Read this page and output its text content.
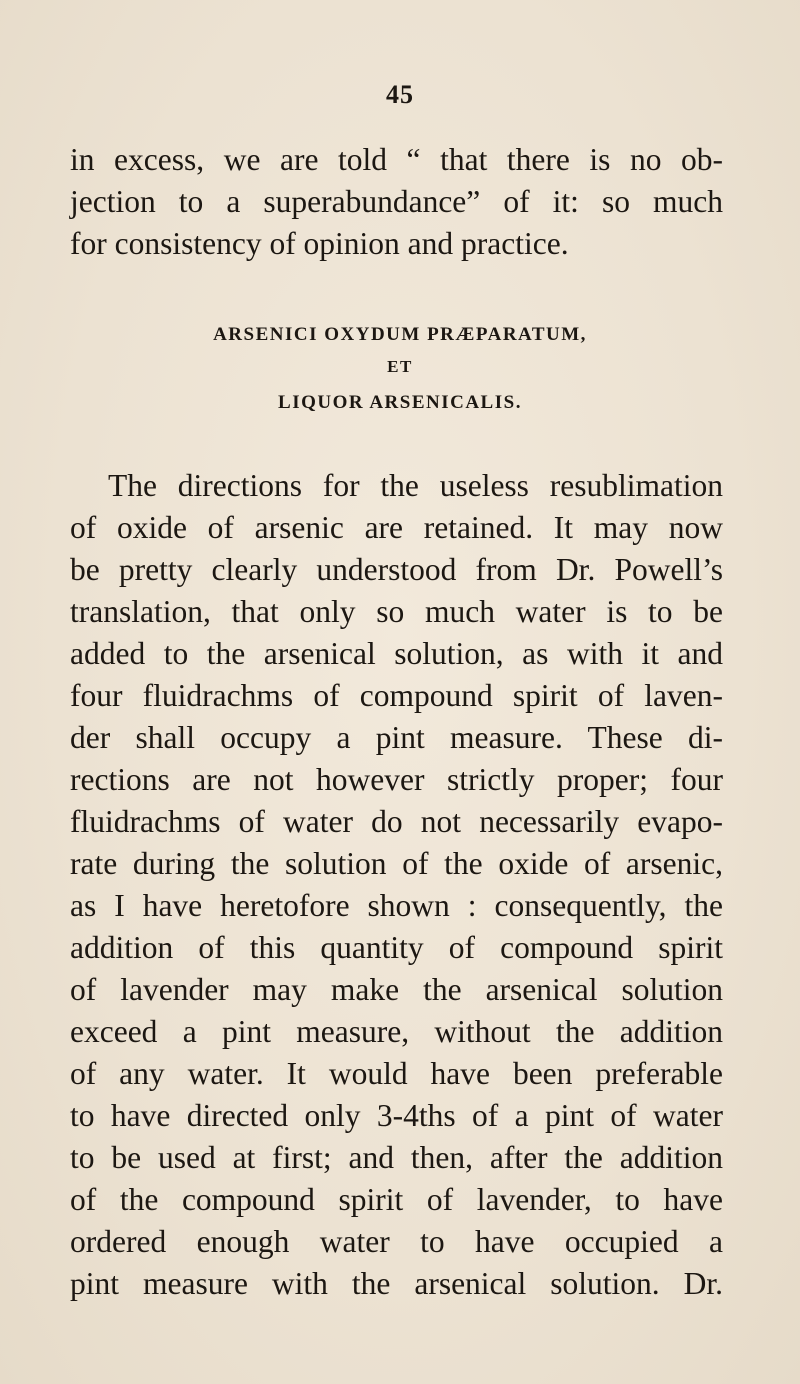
45
in excess, we are told “ that there is no ob-
jection to a superabundance” of it: so much
for consistency of opinion and practice.
ARSENICI OXYDUM PRÆPARATUM,
ET
LIQUOR ARSENICALIS.
The directions for the useless resublimation
of oxide of arsenic are retained. It may now
be pretty clearly understood from Dr. Powell’s
translation, that only so much water is to be
added to the arsenical solution, as with it and
four fluidrachms of compound spirit of laven-
der shall occupy a pint measure. These di-
rections are not however strictly proper; four
fluidrachms of water do not necessarily evapo-
rate during the solution of the oxide of arsenic,
as I have heretofore shown : consequently, the
addition of this quantity of compound spirit
of lavender may make the arsenical solution
exceed a pint measure, without the addition
of any water. It would have been preferable
to have directed only 3-4ths of a pint of water
to be used at first; and then, after the addition
of the compound spirit of lavender, to have
ordered enough water to have occupied a
pint measure with the arsenical solution. Dr.
